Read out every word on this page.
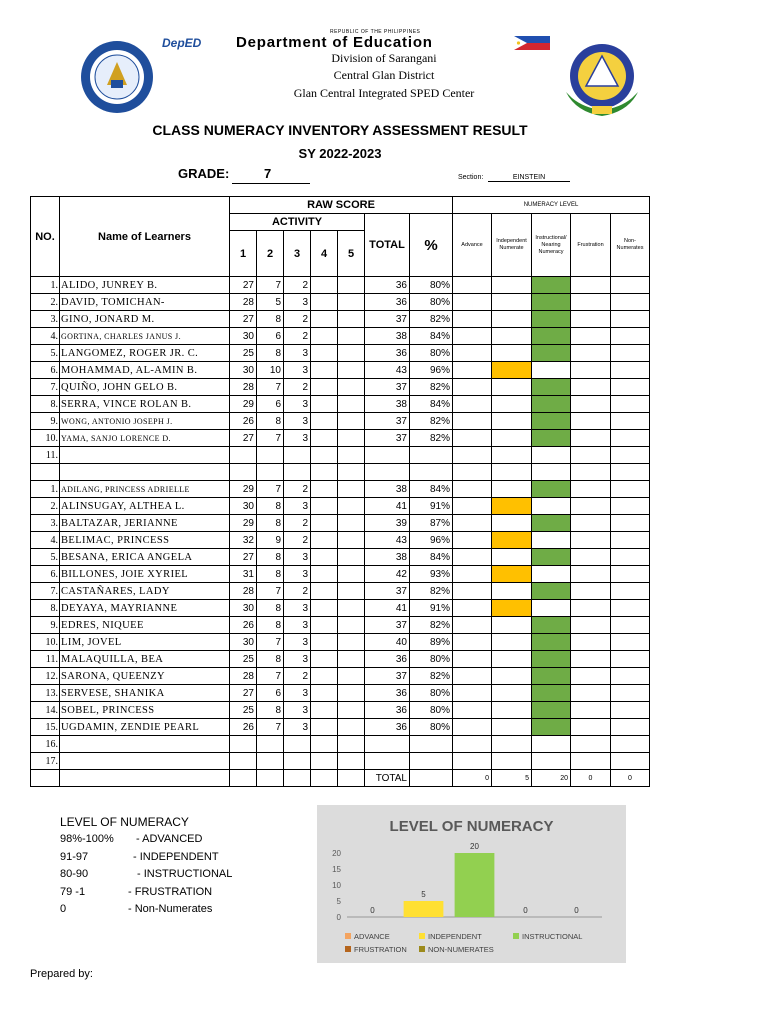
DepED
REPUBLIC OF THE PHILIPPINES
Department of Education
Division of Sarangani
Central Glan District
Glan Central Integrated SPED Center
CLASS NUMERACY INVENTORY ASSESSMENT RESULT
SY 2022-2023
GRADE:	7	Section:	EINSTEIN
NO.	Name of Learners	RAW SCORE							NUMERACY LEVEL				
		ACTIVITY					TOTAL	%	Advance	Independent Numerate	Instructional/ Nearing Numeracy	Frustration	Non-Numerates
		1	2	3	4	5							
1.	ALIDO, JUNREY B.	27	7	2			36	80%					
2.	DAVID, TOMICHAN-	28	5	3			36	80%					
3.	GINO, JONARD M.	27	8	2			37	82%					
4.	GORTINA, CHARLES JANUS J.	30	6	2			38	84%					
5.	LANGOMEZ, ROGER JR. C.	25	8	3			36	80%					
6.	MOHAMMAD, AL-AMIN B.	30	10	3			43	96%					
7.	QUIÑO, JOHN GELO B.	28	7	2			37	82%					
8.	SERRA, VINCE ROLAN B.	29	6	3			38	84%					
9.	WONG, ANTONIO JOSEPH J.	26	8	3			37	82%					
10.	YAMA, SANJO LORENCE D.	27	7	3			37	82%					
11.													

1.	ADILANG, PRINCESS ADRIELLE	29	7	2			38	84%					
2.	ALINSUGAY, ALTHEA L.	30	8	3			41	91%					
3.	BALTAZAR, JERIANNE	29	8	2			39	87%					
4.	BELIMAC, PRINCESS	32	9	2			43	96%					
5.	BESANA, ERICA ANGELA	27	8	3			38	84%					
6.	BILLONES, JOIE XYRIEL	31	8	3			42	93%					
7.	CASTAÑARES, LADY	28	7	2			37	82%					
8.	DEYAYA, MAYRIANNE	30	8	3			41	91%					
9.	EDRES, NIQUEE	26	8	3			37	82%					
10.	LIM, JOVEL	30	7	3			40	89%					
11.	MALAQUILLA, BEA	25	8	3			36	80%					
12.	SARONA, QUEENZY	28	7	2			37	82%					
13.	SERVESE, SHANIKA	27	6	3			36	80%					
14.	SOBEL, PRINCESS	25	8	3			36	80%					
15.	UGDAMIN, ZENDIE PEARL	26	7	3			36	80%					
16.													
17.													
							TOTAL		0	5	20	0	0
LEVEL OF NUMERACY
98%-100% - ADVANCED
91-97	- INDEPENDENT
80-90	- INSTRUCTIONAL
79 -1	- FRUSTRATION
0	- Non-Numerates
LEVEL OF NUMERACY
0
5
10
15
20
0
5
20
0	0
ADVANCE	INDEPENDENT	INSTRUCTIONAL
FRUSTRATION	NON-NUMERATES
Prepared by:
